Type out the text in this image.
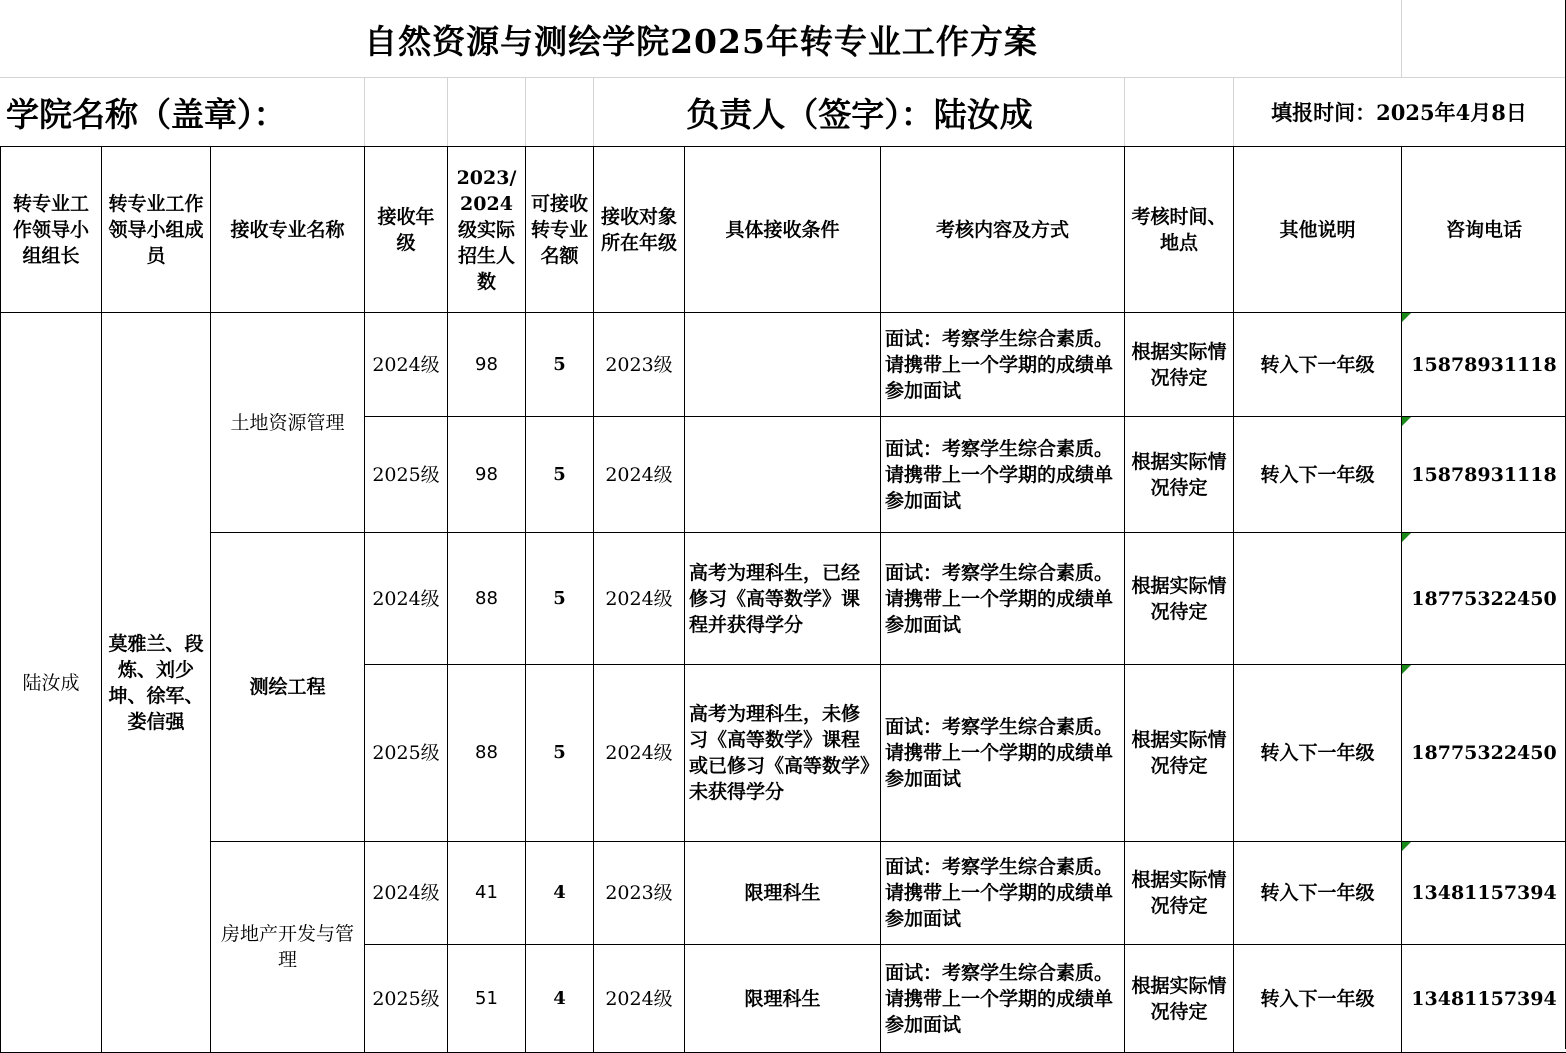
自然资源与测绘学院2025年转专业工作方案
学院名称（盖章）：	负责人（签字）：陆汝成	填报时间：2025年4月8日
转专业工作领导小组组长	转专业工作领导小组成员	接收专业名称	接收年级	2023/ 2024级实际招生人数	可接收转专业名额	接收对象所在年级	具体接收条件	考核内容及方式	考核时间、地点	其他说明	咨询电话
陆汝成	莫雅兰、段炼、刘少坤、徐军、娄信强	土地资源管理	2024级	98	5	2023级		面试：考察学生综合素质。请携带上一个学期的成绩单参加面试	根据实际情况待定	转入下一年级	15878931118
			2025级	98	5	2024级		面试：考察学生综合素质。请携带上一个学期的成绩单参加面试	根据实际情况待定	转入下一年级	15878931118
		测绘工程	2024级	88	5	2024级	高考为理科生，已经修习《高等数学》课程并获得学分	面试：考察学生综合素质。请携带上一个学期的成绩单参加面试	根据实际情况待定		18775322450
			2025级	88	5	2024级	高考为理科生，未修习《高等数学》课程或已修习《高等数学》未获得学分	面试：考察学生综合素质。请携带上一个学期的成绩单参加面试	根据实际情况待定	转入下一年级	18775322450
		房地产开发与管理	2024级	41	4	2023级	限理科生	面试：考察学生综合素质。请携带上一个学期的成绩单参加面试	根据实际情况待定	转入下一年级	13481157394
			2025级	51	4	2024级	限理科生	面试：考察学生综合素质。请携带上一个学期的成绩单参加面试	根据实际情况待定	转入下一年级	13481157394
